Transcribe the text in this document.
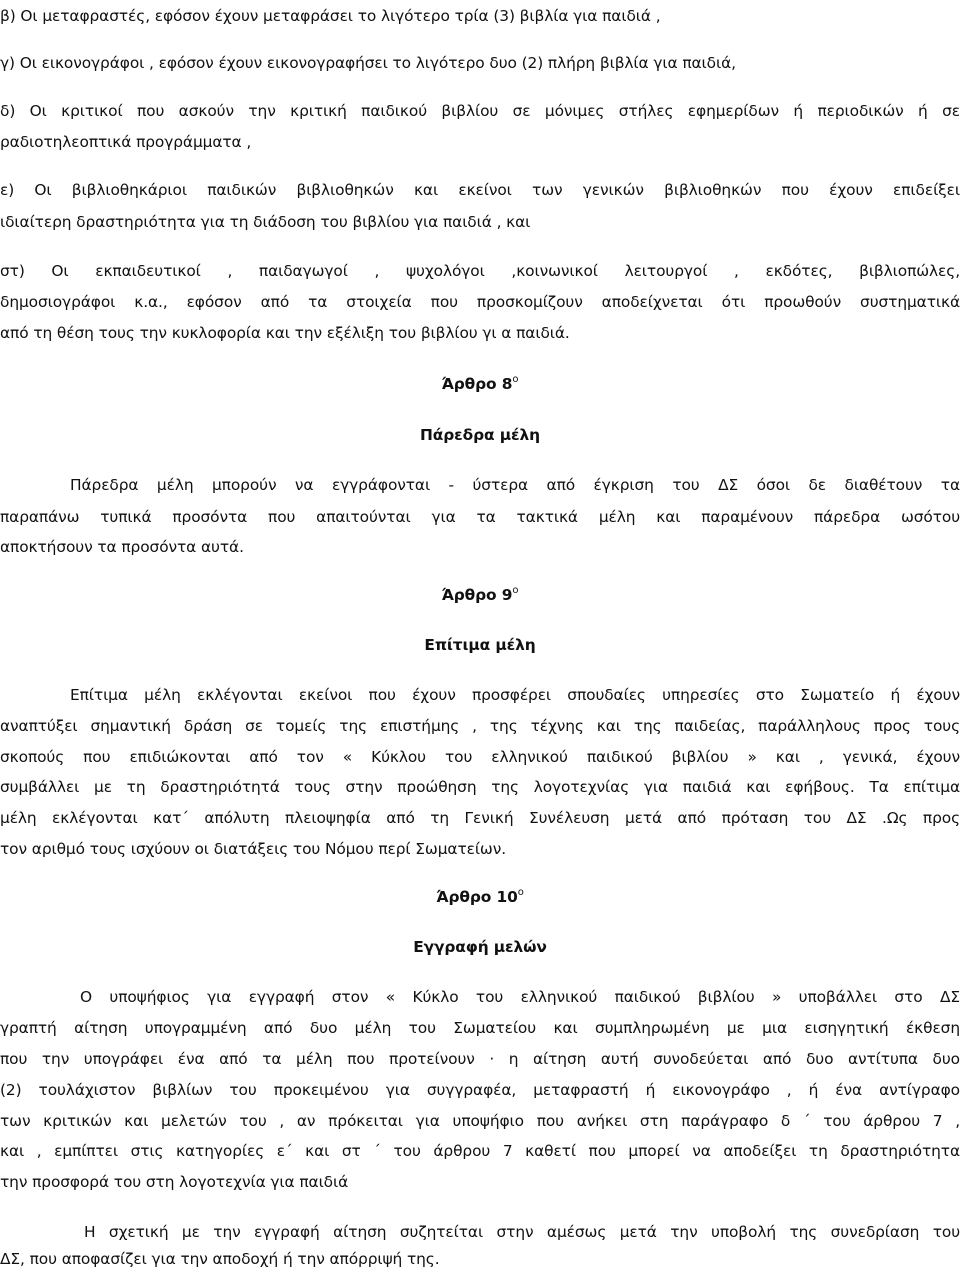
β) Οι μεταφραστές, εφόσον έχουν μεταφράσει το λιγότερο τρία (3) βιβλία για παιδιά ,
γ) Οι εικονογράφοι , εφόσον έχουν εικονογραφήσει το λιγότερο δυο (2) πλήρη βιβλία για παιδιά,
δ) Οι κριτικοί που ασκούν την κριτική παιδικού βιβλίου σε μόνιμες στήλες εφημερίδων ή περιοδικών ή σε
ραδιοτηλεοπτικά προγράμματα ,
ε) Οι βιβλιοθηκάριοι παιδικών βιβλιοθηκών και εκείνοι των γενικών βιβλιοθηκών που έχουν επιδείξει
ιδιαίτερη δραστηριότητα για τη διάδοση του βιβλίου για παιδιά , και
στ) Οι εκπαιδευτικοί , παιδαγωγοί , ψυχολόγοι ,κοινωνικοί λειτουργοί , εκδότες, βιβλιοπώλες,
δημοσιογράφοι κ.α., εφόσον από τα στοιχεία που προσκομίζουν αποδείχνεται ότι προωθούν συστηματικά
από τη θέση τους την κυκλοφορία και την εξέλιξη του βιβλίου γι α παιδιά.
Άρθρο $8^o$
Πάρεδρα μέλη
Πάρεδρα μέλη μπορούν να εγγράφονται - ύστερα από έγκριση του ΔΣ όσοι δε διαθέτουν τα
παραπάνω τυπικά προσόντα που απαιτούνται για τα τακτικά μέλη και παραμένουν πάρεδρα ωσότου
αποκτήσουν τα προσόντα αυτά.
Άρθρο $9^o$
Επίτιμα μέλη
Επίτιμα μέλη εκλέγονται εκείνοι που έχουν προσφέρει σπουδαίες υπηρεσίες στο Σωματείο ή έχουν
αναπτύξει σημαντική δράση σε τομείς της επιστήμης , της τέχνης και της παιδείας, παράλληλους προς τους
σκοπούς που επιδιώκονται από τον « Κύκλου του ελληνικού παιδικού βιβλίου » και , γενικά, έχουν
συμβάλλει με τη δραστηριότητά τους στην προώθηση της λογοτεχνίας για παιδιά και εφήβους. Τα επίτιμα
μέλη εκλέγονται κατ΄ απόλυτη πλειοψηφία από τη Γενική Συνέλευση μετά από πρόταση του ΔΣ .Ως προς
τον αριθμό τους ισχύουν οι διατάξεις του Νόμου περί Σωματείων.
Άρθρο $10^o$
Εγγραφή μελών
Ο υποψήφιος για εγγραφή στον « Κύκλο του ελληνικού παιδικού βιβλίου » υποβάλλει στο ΔΣ
γραπτή αίτηση υπογραμμένη από δυο μέλη του Σωματείου και συμπληρωμένη με μια εισηγητική έκθεση
που την υπογράφει ένα από τα μέλη που προτείνουν · η αίτηση αυτή συνοδεύεται από δυο αντίτυπα δυο
(2) τουλάχιστον βιβλίων του προκειμένου για συγγραφέα, μεταφραστή ή εικονογράφο , ή ένα αντίγραφο
των κριτικών και μελετών του , αν πρόκειται για υποψήφιο που ανήκει στη παράγραφο δ ΄ του άρθρου 7 ,
και , εμπίπτει στις κατηγορίες ε΄ και στ ΄ του άρθρου 7 καθετί που μπορεί να αποδείξει τη δραστηριότητα
την προσφορά του στη λογοτεχνία για παιδιά
Η σχετική με την εγγραφή αίτηση συζητείται στην αμέσως μετά την υποβολή της συνεδρίαση του
ΔΣ, που αποφασίζει για την αποδοχή ή την απόρριψή της.
